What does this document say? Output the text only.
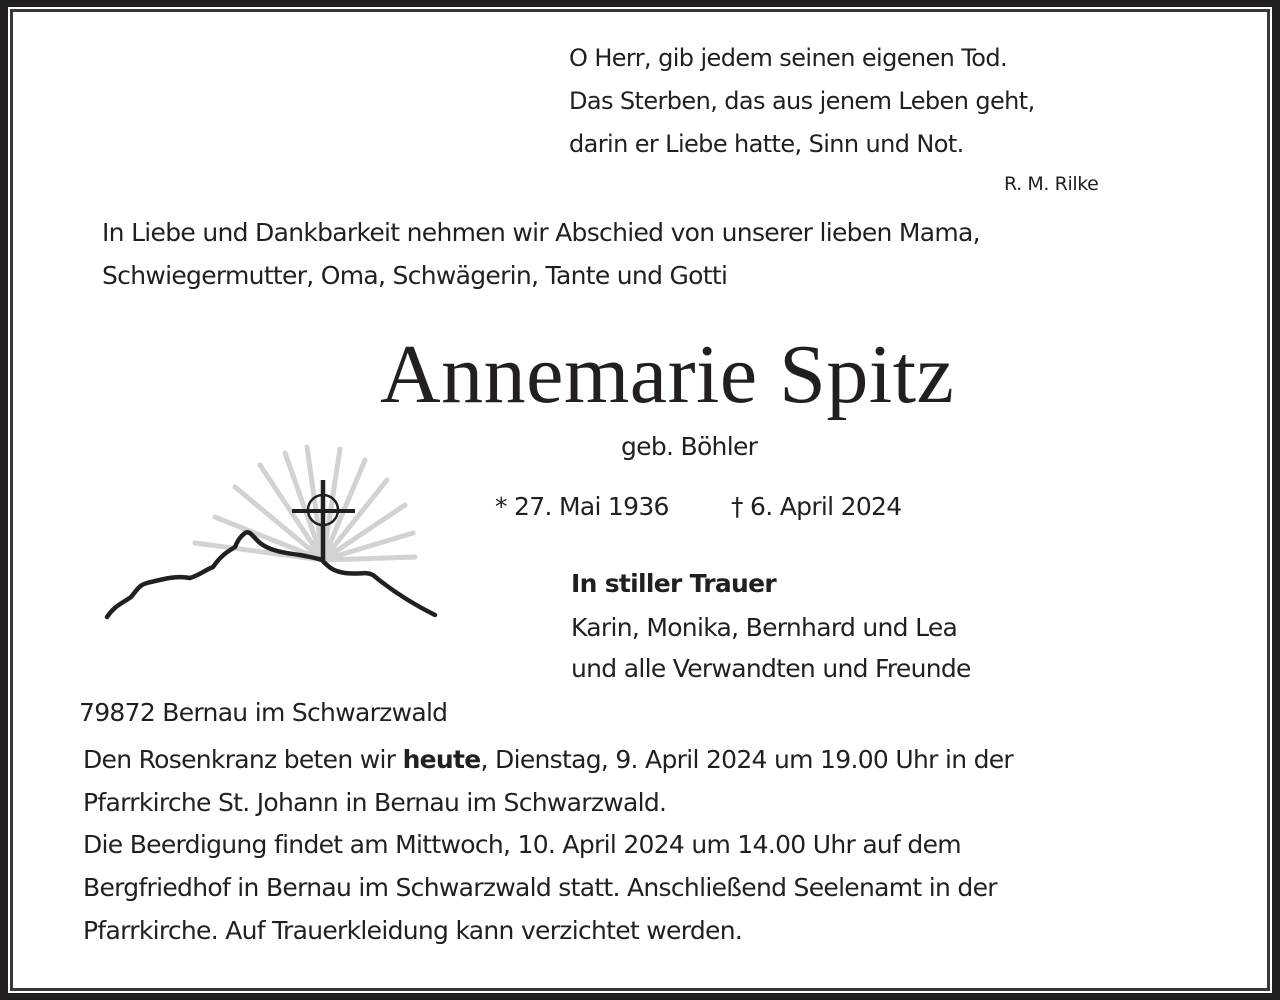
O Herr, gib jedem seinen eigenen Tod.
Das Sterben, das aus jenem Leben geht,
darin er Liebe hatte, Sinn und Not.
R. M. Rilke
In Liebe und Dankbarkeit nehmen wir Abschied von unserer lieben Mama,
Schwiegermutter, Oma, Schwägerin, Tante und Gotti
Annemarie Spitz
geb. Böhler
* 27. Mai 1936 † 6. April 2024
In stiller Trauer
Karin, Monika, Bernhard und Lea
und alle Verwandten und Freunde
79872 Bernau im Schwarzwald
Den Rosenkranz beten wir heute, Dienstag, 9. April 2024 um 19.00 Uhr in der
Pfarrkirche St. Johann in Bernau im Schwarzwald.
Die Beerdigung findet am Mittwoch, 10. April 2024 um 14.00 Uhr auf dem
Bergfriedhof in Bernau im Schwarzwald statt. Anschließend Seelenamt in der
Pfarrkirche. Auf Trauerkleidung kann verzichtet werden.
